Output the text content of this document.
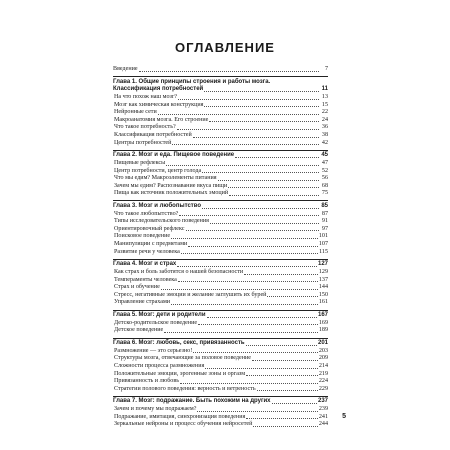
ОГЛАВЛЕНИЕ
Введение	7
Глава 1. Общие принципы строения и работы мозга.
Классификация потребностей	11
На что похож наш мозг?	13
Мозг как химическая конструкция	15
Нейронные сети	22
Макроанатомия мозга. Его строение	24
Что такое потребность?	36
Классификация потребностей	38
Центры потребностей	42
Глава 2. Мозг и еда. Пищевое поведение	45
Пищевые рефлексы	47
Центр потребности, центр голода	52
Что мы едим? Макроэлементы питания	56
Зачем мы едим? Распознавание вкуса пищи	68
Пища как источник положительных эмоций	75
Глава 3. Мозг и любопытство	85
Что такое любопытство?	87
Типы исследовательского поведения	91
Ориентировочный рефлекс	97
Поисковое поведение	101
Манипуляции с предметами	107
Развитие речи у человека	115
Глава 4. Мозг и страх	127
Как страх и боль заботятся о нашей безопасности	129
Темпераменты человека	137
Страх и обучение	144
Стресс, негативные эмоции и желание заглушить их бурей	150
Управление страхами	161
Глава 5. Мозг: дети и родители	167
Детско-родительское поведение	169
Детское поведение	189
Глава 6. Мозг: любовь, секс, привязанность	201
Размножение — это серьезно!	203
Структуры мозга, отвечающие за половое поведение	209
Сложности процесса размножения	214
Положительные эмоции, эрогенные зоны и оргазм	219
Привязанность и любовь	224
Стратегии полового поведения: верность и ветреность	229
Глава 7. Мозг: подражание. Быть похожим на других	237
Зачем и почему мы подражаем?	239
Подражание, имитация, синхронизация поведения	241
Зеркальные нейроны и процесс обучения нейросетей	244
5
